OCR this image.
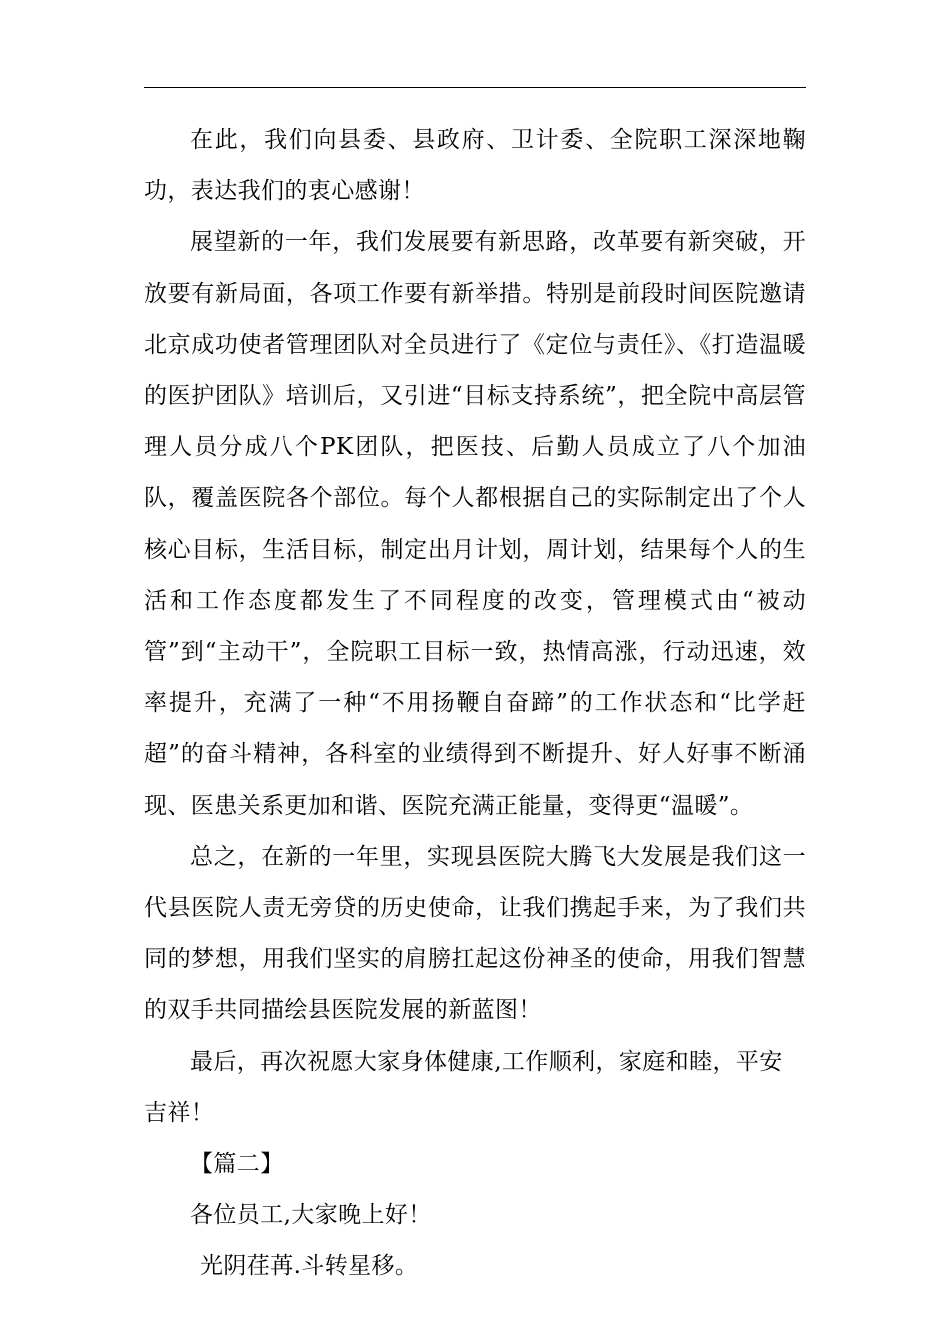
在此，我们向县委、县政府、卫计委、全院职工深深地鞠功，表达我们的衷心感谢！

展望新的一年，我们发展要有新思路，改革要有新突破，开放要有新局面，各项工作要有新举措。特别是前段时间医院邀请北京成功使者管理团队对全员进行了《定位与责任》、《打造温暖的医护团队》培训后，又引进“目标支持系统”，把全院中高层管理人员分成八个PK团队，把医技、后勤人员成立了八个加油队，覆盖医院各个部位。每个人都根据自己的实际制定出了个人核心目标，生活目标，制定出月计划，周计划，结果每个人的生活和工作态度都发生了不同程度的改变，管理模式由“被动管”到“主动干”，全院职工目标一致，热情高涨，行动迅速，效率提升，充满了一种“不用扬鞭自奋蹄”的工作状态和“比学赶超”的奋斗精神，各科室的业绩得到不断提升、好人好事不断涌现、医患关系更加和谐、医院充满正能量，变得更“温暖”。

总之，在新的一年里，实现县医院大腾飞大发展是我们这一代县医院人责无旁贷的历史使命，让我们携起手来，为了我们共同的梦想，用我们坚实的肩膀扛起这份神圣的使命，用我们智慧的双手共同描绘县医院发展的新蓝图！

最后，再次祝愿大家身体健康,工作顺利，家庭和睦，平安吉祥！

【篇二】

各位员工,大家晚上好！

光阴荏苒.斗转星移。
